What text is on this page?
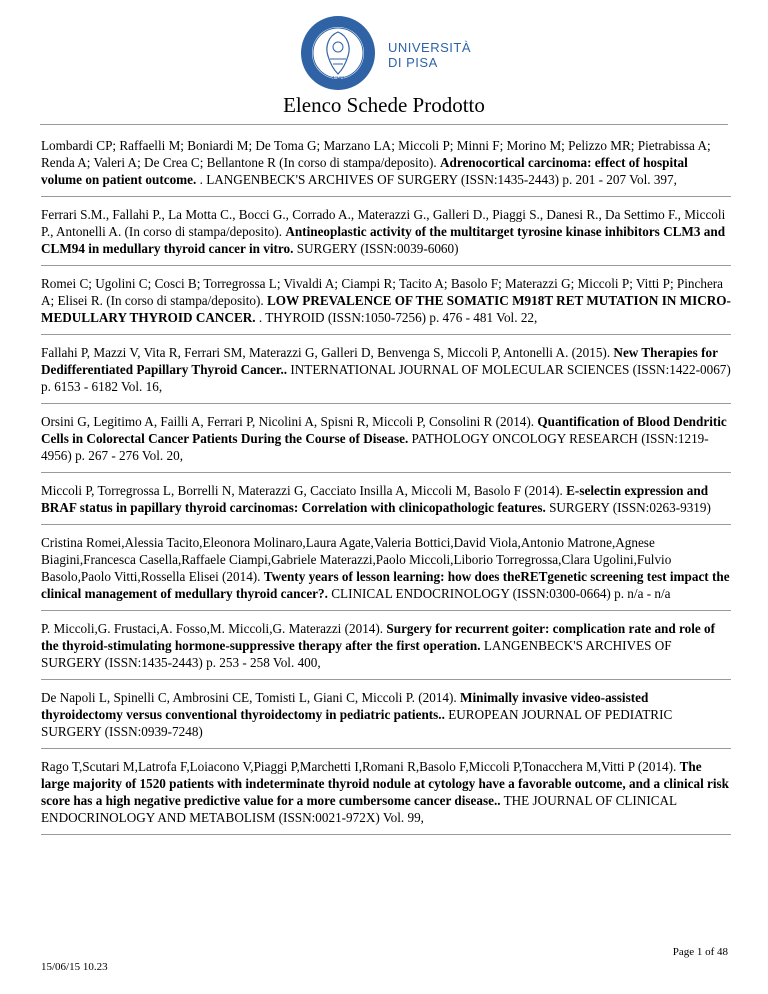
1343
UNIVERSITÀ
DI PISA
Elenco Schede Prodotto

Lombardi CP; Raffaelli M; Boniardi M; De Toma G; Marzano LA; Miccoli P; Minni F; Morino M; Pelizzo MR; Pietrabissa A; Renda A; Valeri A; De Crea C; Bellantone R (In corso di stampa/deposito). Adrenocortical carcinoma: effect of hospital volume on patient outcome. . LANGENBECK'S ARCHIVES OF SURGERY (ISSN:1435-2443) p. 201 - 207 Vol. 397,

Ferrari S.M., Fallahi P., La Motta C., Bocci G., Corrado A., Materazzi G., Galleri D., Piaggi S., Danesi R., Da Settimo F., Miccoli P., Antonelli A. (In corso di stampa/deposito). Antineoplastic activity of the multitarget tyrosine kinase inhibitors CLM3 and CLM94 in medullary thyroid cancer in vitro. SURGERY (ISSN:0039-6060)

Romei C; Ugolini C; Cosci B; Torregrossa L; Vivaldi A; Ciampi R; Tacito A; Basolo F; Materazzi G; Miccoli P; Vitti P; Pinchera A; Elisei R. (In corso di stampa/deposito). LOW PREVALENCE OF THE SOMATIC M918T RET MUTATION IN MICRO-MEDULLARY THYROID CANCER. . THYROID (ISSN:1050-7256) p. 476 - 481 Vol. 22,

Fallahi P, Mazzi V, Vita R, Ferrari SM, Materazzi G, Galleri D, Benvenga S, Miccoli P, Antonelli A. (2015). New Therapies for Dedifferentiated Papillary Thyroid Cancer.. INTERNATIONAL JOURNAL OF MOLECULAR SCIENCES (ISSN:1422-0067) p. 6153 - 6182 Vol. 16,

Orsini G, Legitimo A, Failli A, Ferrari P, Nicolini A, Spisni R, Miccoli P, Consolini R (2014). Quantification of Blood Dendritic Cells in Colorectal Cancer Patients During the Course of Disease. PATHOLOGY ONCOLOGY RESEARCH (ISSN:1219-4956) p. 267 - 276 Vol. 20,

Miccoli P, Torregrossa L, Borrelli N, Materazzi G, Cacciato Insilla A, Miccoli M, Basolo F (2014). E-selectin expression and BRAF status in papillary thyroid carcinomas: Correlation with clinicopathologic features. SURGERY (ISSN:0263-9319)

Cristina Romei,Alessia Tacito,Eleonora Molinaro,Laura Agate,Valeria Bottici,David Viola,Antonio Matrone,Agnese Biagini,Francesca Casella,Raffaele Ciampi,Gabriele Materazzi,Paolo Miccoli,Liborio Torregrossa,Clara Ugolini,Fulvio Basolo,Paolo Vitti,Rossella Elisei (2014). Twenty years of lesson learning: how does theRETgenetic screening test impact the clinical management of medullary thyroid cancer?. CLINICAL ENDOCRINOLOGY (ISSN:0300-0664) p. n/a - n/a

P. Miccoli,G. Frustaci,A. Fosso,M. Miccoli,G. Materazzi (2014). Surgery for recurrent goiter: complication rate and role of the thyroid-stimulating hormone-suppressive therapy after the first operation. LANGENBECK'S ARCHIVES OF SURGERY (ISSN:1435-2443) p. 253 - 258 Vol. 400,

De Napoli L, Spinelli C, Ambrosini CE, Tomisti L, Giani C, Miccoli P. (2014). Minimally invasive video-assisted thyroidectomy versus conventional thyroidectomy in pediatric patients.. EUROPEAN JOURNAL OF PEDIATRIC SURGERY (ISSN:0939-7248)

Rago T,Scutari M,Latrofa F,Loiacono V,Piaggi P,Marchetti I,Romani R,Basolo F,Miccoli P,Tonacchera M,Vitti P (2014). The large majority of 1520 patients with indeterminate thyroid nodule at cytology have a favorable outcome, and a clinical risk score has a high negative predictive value for a more cumbersome cancer disease.. THE JOURNAL OF CLINICAL ENDOCRINOLOGY AND METABOLISM (ISSN:0021-972X) Vol. 99,

15/06/15 10.23
Page 1 of 48
